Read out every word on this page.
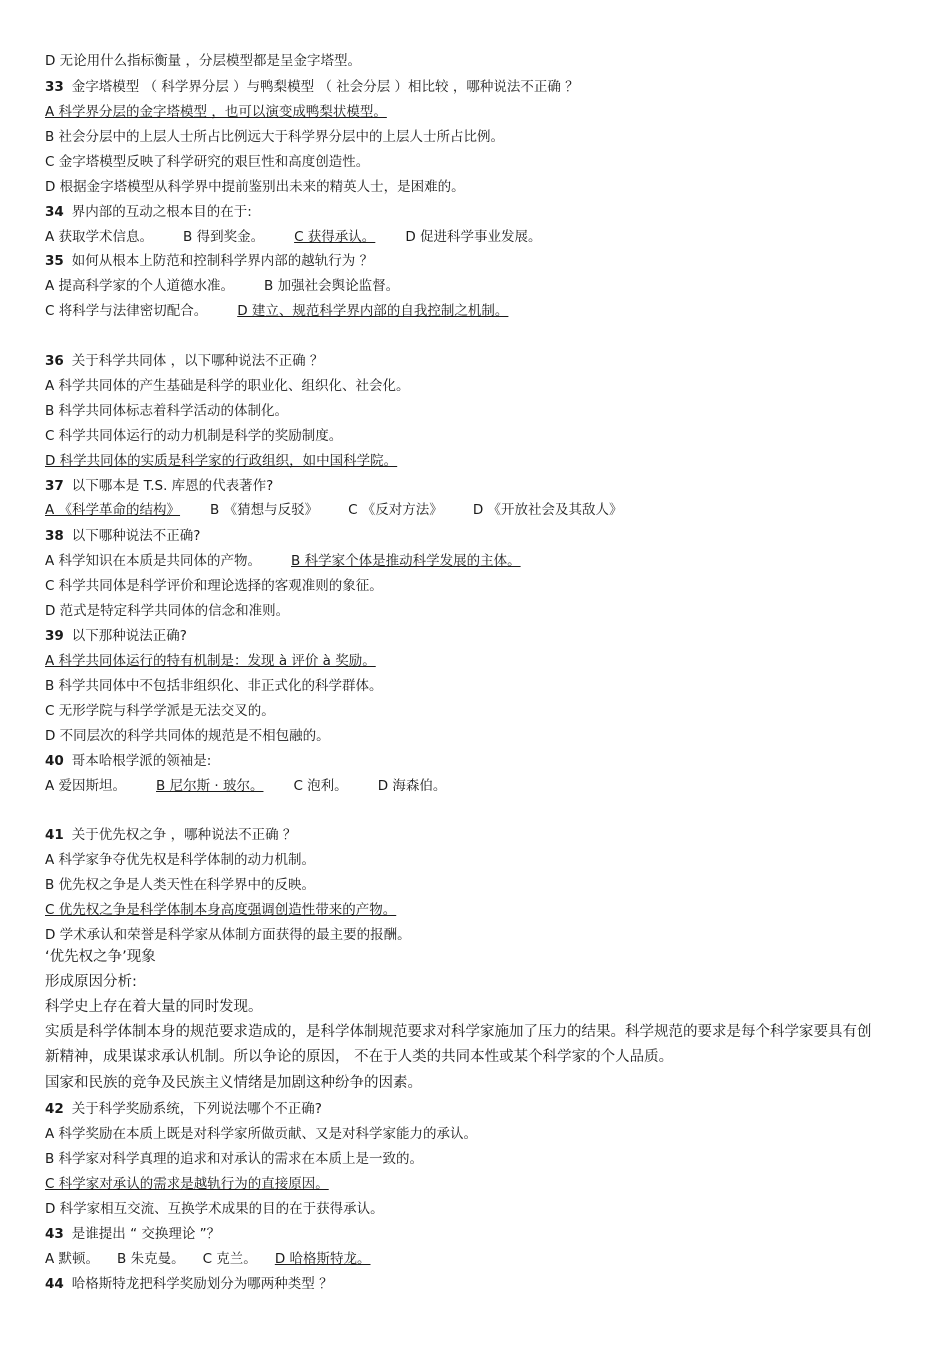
D 无论用什么指标衡量 ，分层模型都是呈金字塔型。
33 金字塔模型 （ 科学界分层 ）与鸭梨模型 （ 社会分层 ）相比较 ，哪种说法不正确 ？
A 科学界分层的金字塔模型 ，也可以演变成鸭梨状模型。
B 社会分层中的上层人士所占比例远大于科学界分层中的上层人士所占比例。
C 金字塔模型反映了科学研究的艰巨性和高度创造性。
D 根据金字塔模型从科学界中提前鉴别出未来的精英人士，是困难的。
34 界内部的互动之根本目的在于:
A 获取学术信息。 B 得到奖金。 C 获得承认。 D 促进科学事业发展。
35 如何从根本上防范和控制科学界内部的越轨行为 ？
A 提高科学家的个人道德水准。 B 加强社会舆论监督。
C 将科学与法律密切配合。 D 建立、规范科学界内部的自我控制之机制。
36 关于科学共同体 ，以下哪种说法不正确 ？
A 科学共同体的产生基础是科学的职业化、组织化、社会化。
B 科学共同体标志着科学活动的体制化。
C 科学共同体运行的动力机制是科学的奖励制度。
D 科学共同体的实质是科学家的行政组织，如中国科学院。
37 以下哪本是 T.S. 库恩的代表著作?
A 《科学革命的结构》 B 《猜想与反驳》 C 《反对方法》 D 《开放社会及其敌人》
38 以下哪种说法不正确?
A 科学知识在本质是共同体的产物。 B 科学家个体是推动科学发展的主体。
C 科学共同体是科学评价和理论选择的客观准则的象征。
D 范式是特定科学共同体的信念和准则。
39 以下那种说法正确?
A 科学共同体运行的特有机制是：发现 à 评价 à 奖励。
B 科学共同体中不包括非组织化、非正式化的科学群体。
C 无形学院与科学学派是无法交叉的。
D 不同层次的科学共同体的规范是不相包融的。
40 哥本哈根学派的领袖是:
A 爱因斯坦。 B 尼尔斯 · 玻尔。 C 泡利。 D 海森伯。
41 关于优先权之争 ，哪种说法不正确 ？
A 科学家争夺优先权是科学体制的动力机制。
B 优先权之争是人类天性在科学界中的反映。
C 优先权之争是科学体制本身高度强调创造性带来的产物。
D 学术承认和荣誉是科学家从体制方面获得的最主要的报酬。
‘优先权之争’现象
形成原因分析:
科学史上存在着大量的同时发现。
实质是科学体制本身的规范要求造成的，是科学体制规范要求对科学家施加了压力的结果。科学规范的要求是每个科学家要具有创新精神，成果谋求承认机制。所以争论的原因， 不在于人类的共同本性或某个科学家的个人品质。
国家和民族的竞争及民族主义情绪是加剧这种纷争的因素。
42 关于科学奖励系统，下列说法哪个不正确?
A 科学奖励在本质上既是对科学家所做贡献、又是对科学家能力的承认。
B 科学家对科学真理的追求和对承认的需求在本质上是一致的。
C 科学家对承认的需求是越轨行为的直接原因。
D 科学家相互交流、互换学术成果的目的在于获得承认。
43 是谁提出 “ 交换理论 ”？
A 默顿。 B 朱克曼。 C 克兰。 D 哈格斯特龙。
44 哈格斯特龙把科学奖励划分为哪两种类型 ？
